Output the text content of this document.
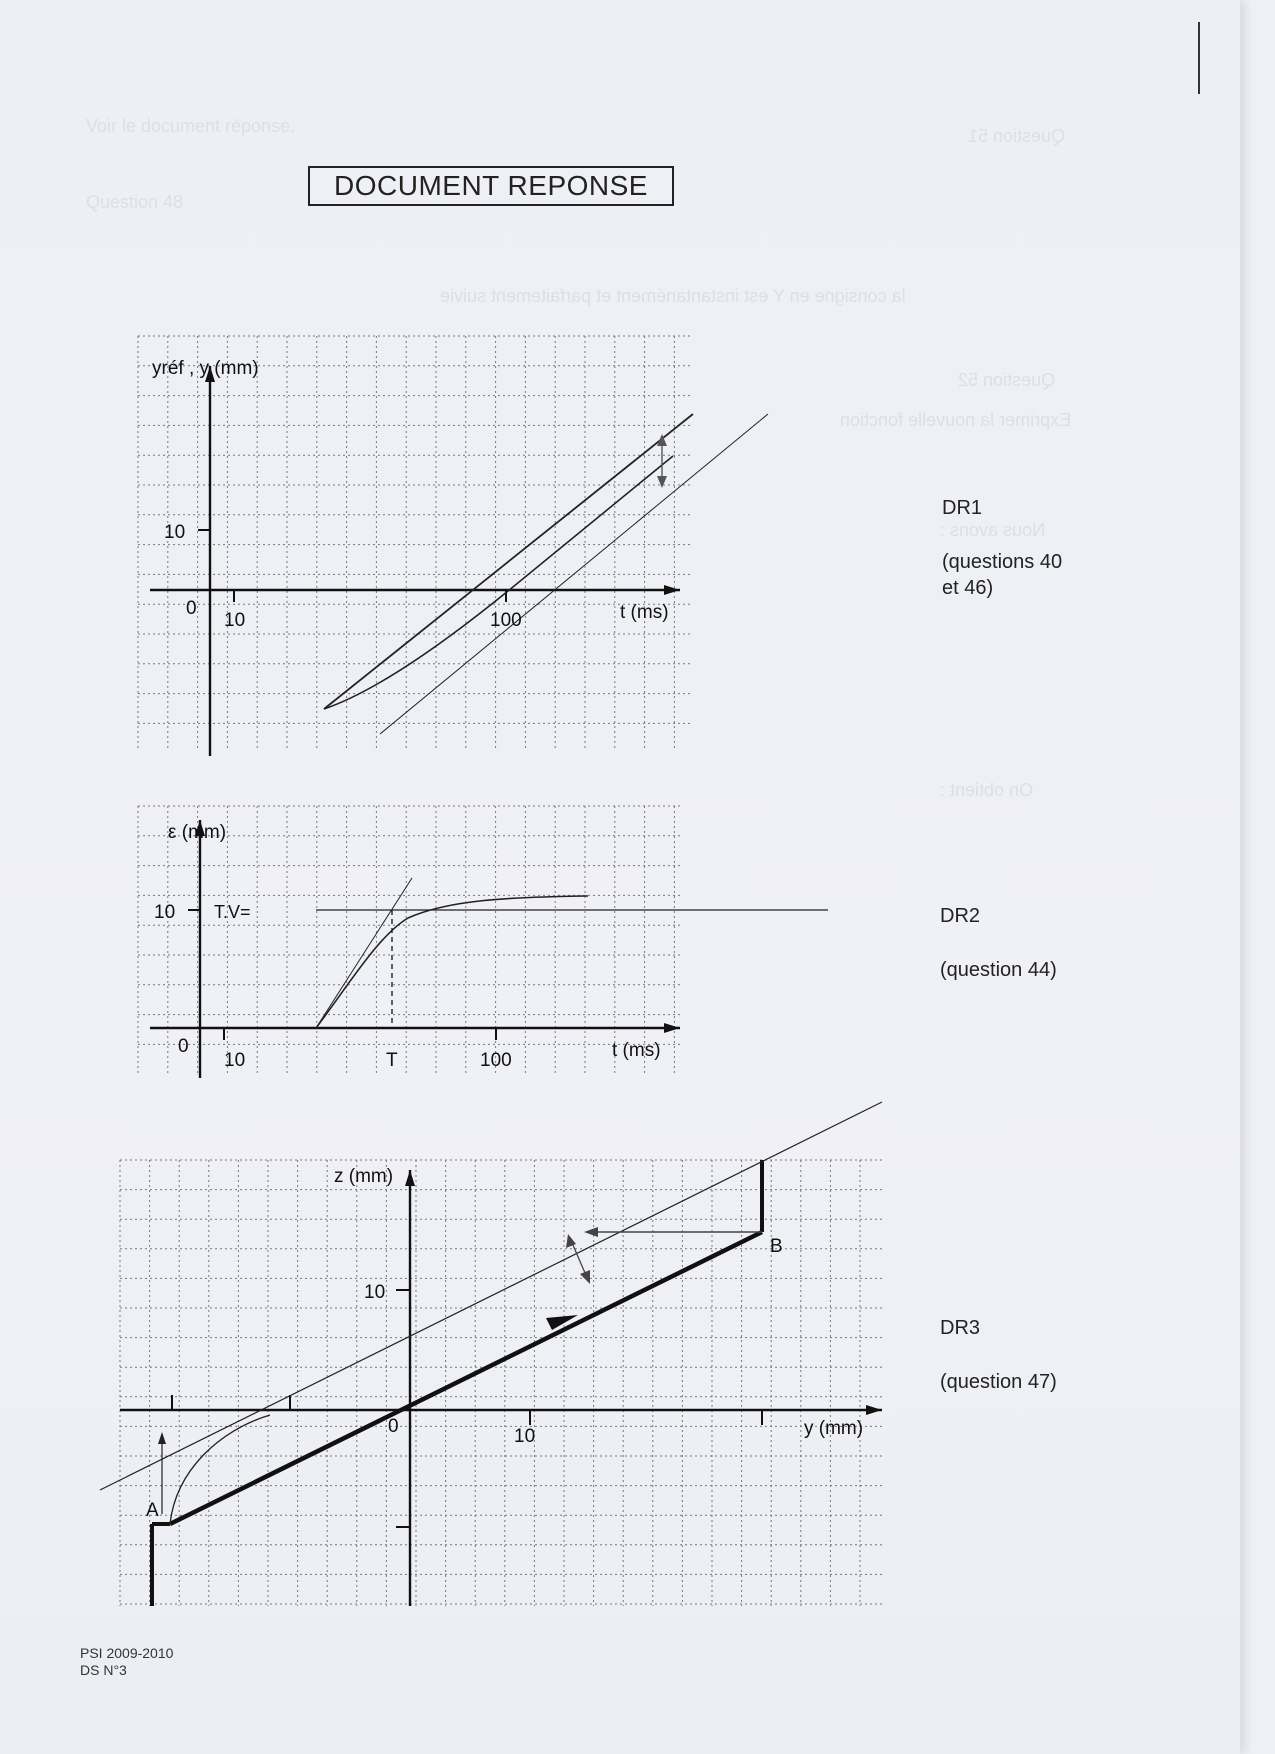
Question 51
Question 52
Question 48
la consigne en Y est instantanément et parfaitement suivie
Exprimer la nouvelle fonction
Nous avons :
On obtient :
Voir le document réponse.
DOCUMENT REPONSE
yréf , y (mm)
10
0
10	100	t (ms)
DR1
(questions 40
et 46)
ε (mm)
10 T.V=
0
10	T	100	t (ms)
DR2
(question 44)
z (mm)
10
0	10	y (mm)
A
B
DR3
(question 47)
PSI 2009-2010
DS N°3
